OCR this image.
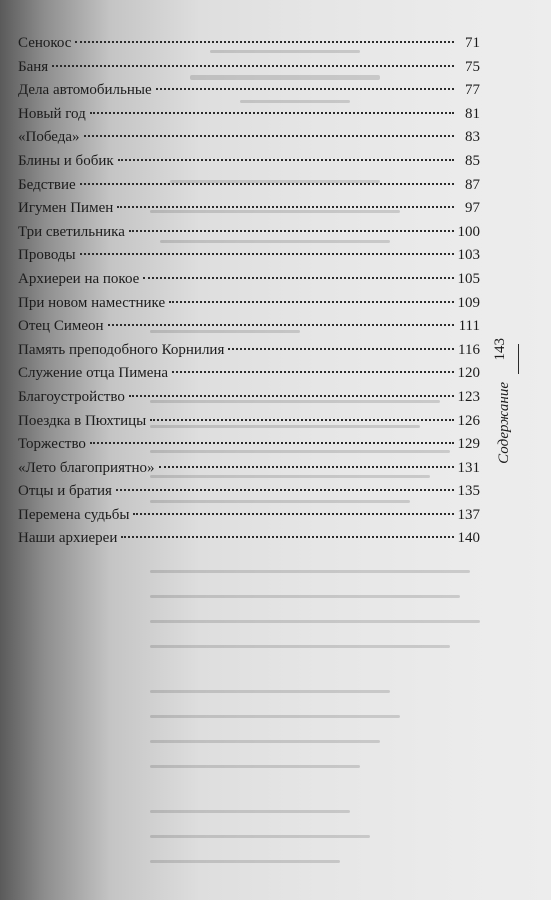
Сенокос	71
Баня	75
Дела автомобильные	77
Новый год	81
«Победа»	83
Блины и бобик	85
Бедствие	87
Игумен Пимен	97
Три светильника	100
Проводы	103
Архиереи на покое	105
При новом наместнике	109
Отец Симеон	111
Память преподобного Корнилия	116
Служение отца Пимена	120
Благоустройство	123
Поездка в Пюхтицы	126
Торжество	129
«Лето благоприятно»	131
Отцы и братия	135
Перемена судьбы	137
Наши архиереи	140
143
Содержание
